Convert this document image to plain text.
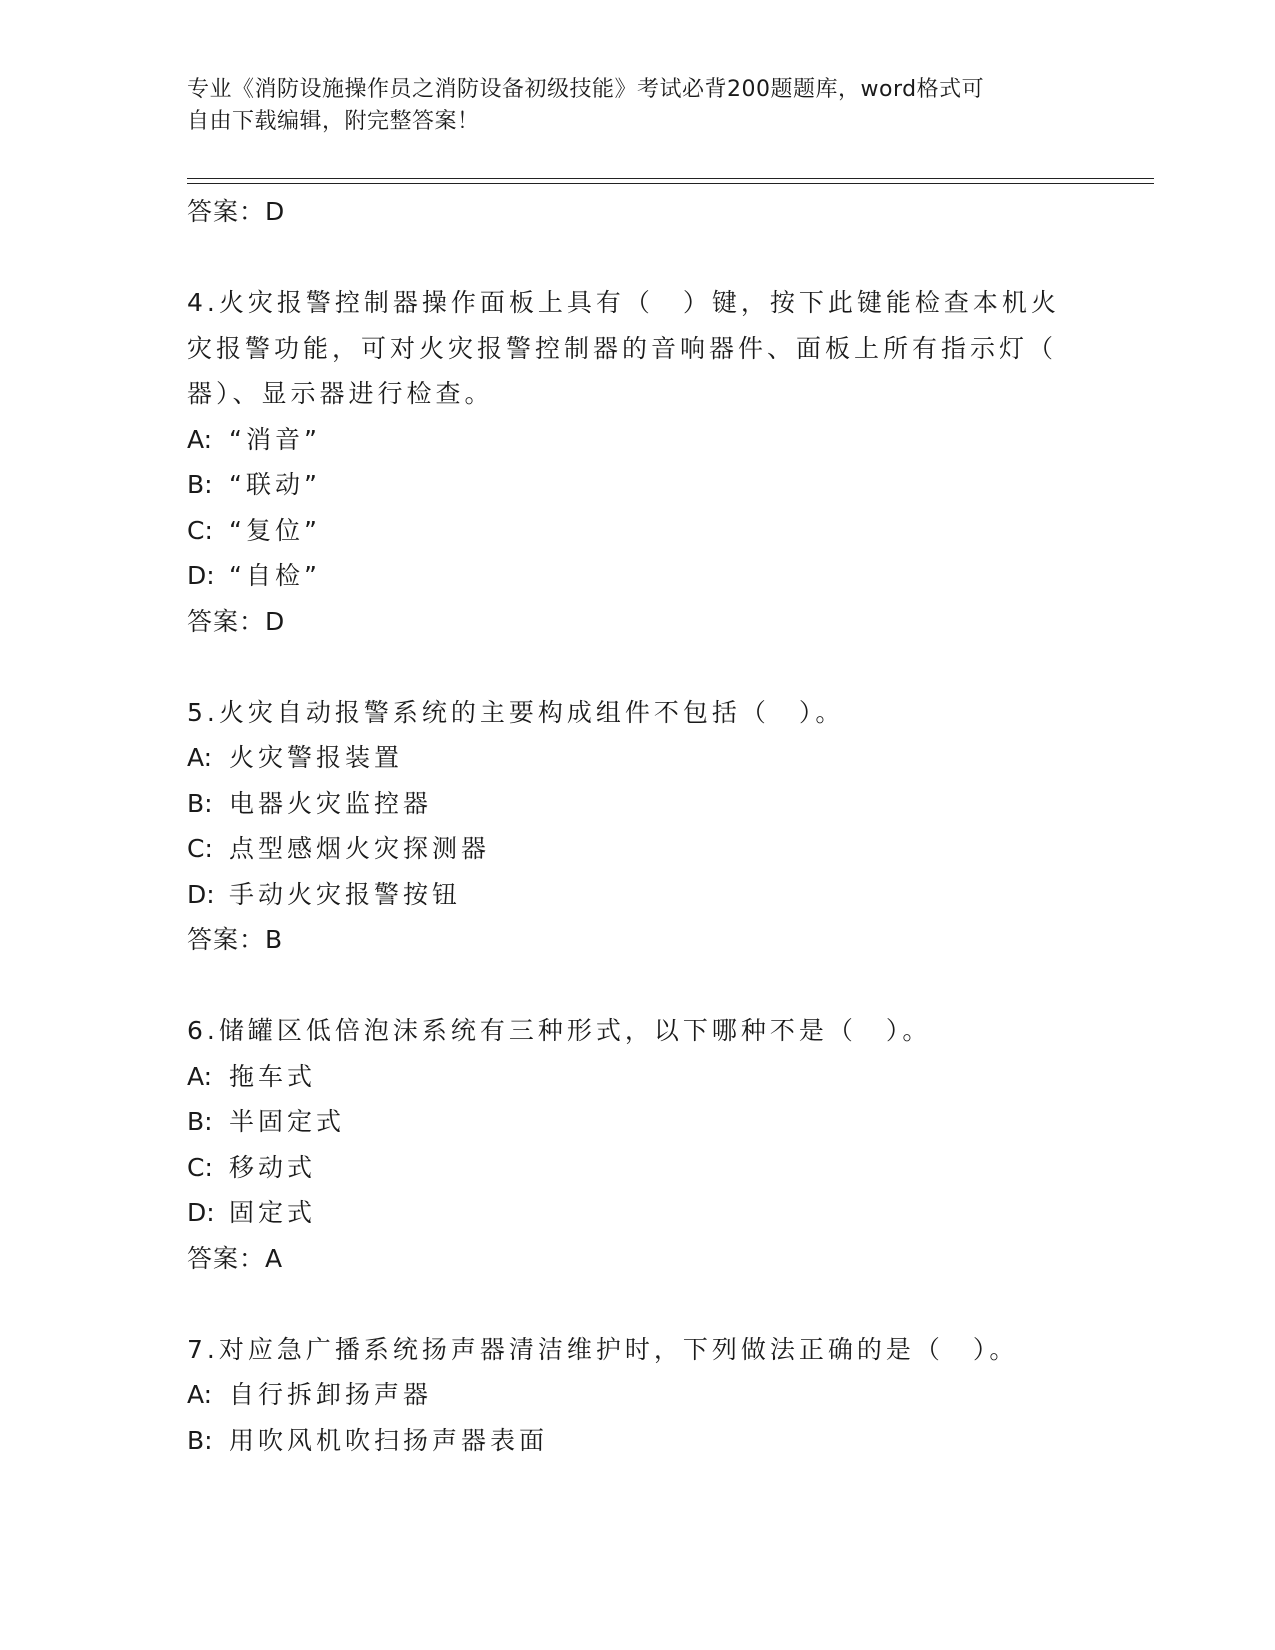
专业《消防设施操作员之消防设备初级技能》考试必背200题题库，word格式可
自由下载编辑，附完整答案！
答案：D
4.火灾报警控制器操作面板上具有（　）键，按下此键能检查本机火
灾报警功能，可对火灾报警控制器的音响器件、面板上所有指示灯（
器）、显示器进行检查。
A: “消音”
B: “联动”
C: “复位”
D: “自检”
答案：D
5.火灾自动报警系统的主要构成组件不包括（　）。
A: 火灾警报装置
B: 电器火灾监控器
C: 点型感烟火灾探测器
D: 手动火灾报警按钮
答案：B
6.储罐区低倍泡沫系统有三种形式，以下哪种不是（　）。
A: 拖车式
B: 半固定式
C: 移动式
D: 固定式
答案：A
7.对应急广播系统扬声器清洁维护时，下列做法正确的是（　）。
A: 自行拆卸扬声器
B: 用吹风机吹扫扬声器表面
